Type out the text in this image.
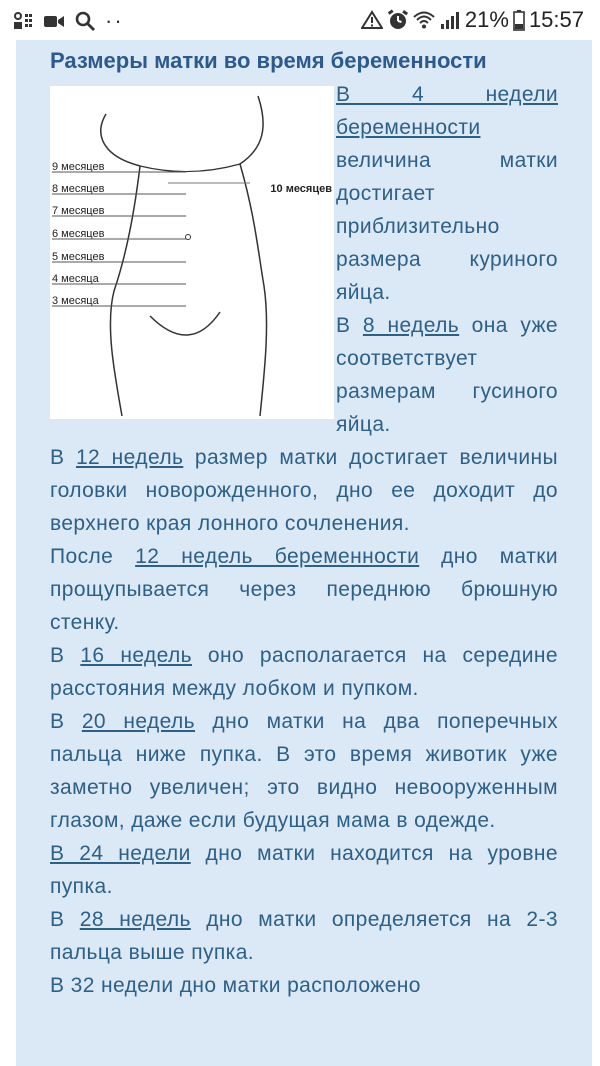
··	21% 15:57
Размеры матки во время беременности
9 месяцев
8 месяцев
7 месяцев
6 месяцев
5 месяцев
4 месяца
3 месяца
10 месяцев

В 4 недели беременности величина матки достигает приблизительно размера куриного яйца.

В 8 недель она уже соответствует размерам гусиного яйца.

В 12 недель размер матки достигает величины головки новорожденного, дно ее доходит до верхнего края лонного сочленения.

После 12 недель беременности дно матки прощупывается через переднюю брюшную стенку.

В 16 недель оно располагается на середине расстояния между лобком и пупком.

В 20 недель дно матки на два поперечных пальца ниже пупка. В это время животик уже заметно увеличен; это видно невооруженным глазом, даже если будущая мама в одежде.

В 24 недели дно матки находится на уровне пупка.

В 28 недель дно матки определяется на 2-3 пальца выше пупка.

В 32 недели дно матки расположено
